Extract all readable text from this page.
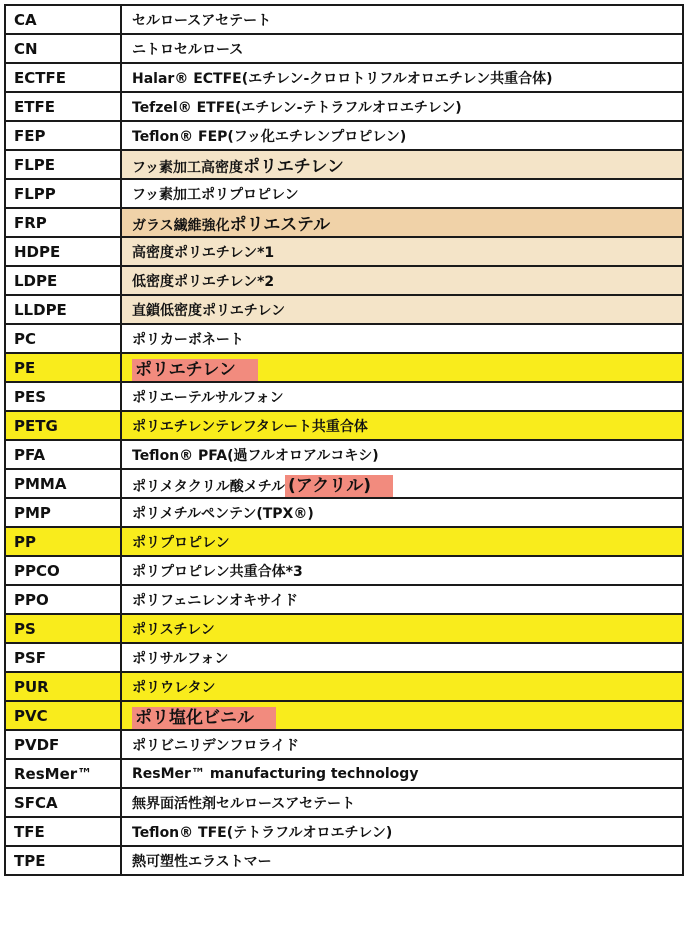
CA	セルロースアセテート
CN	ニトロセルロース
ECTFE	Halar® ECTFE(エチレン-クロロトリフルオロエチレン共重合体)
ETFE	Tefzel® ETFE(エチレン-テトラフルオロエチレン)
FEP	Teflon® FEP(フッ化エチレンプロピレン)
FLPE	フッ素加工高密度ポリエチレン
FLPP	フッ素加工ポリプロピレン
FRP	ガラス繊維強化ポリエステル
HDPE	高密度ポリエチレン*1
LDPE	低密度ポリエチレン*2
LLDPE	直鎖低密度ポリエチレン
PC	ポリカーボネート
PE	ポリエチレン
PES	ポリエーテルサルフォン
PETG	ポリエチレンテレフタレート共重合体
PFA	Teflon® PFA(過フルオロアルコキシ)
PMMA	ポリメタクリル酸メチル (アクリル)
PMP	ポリメチルペンテン(TPX®)
PP	ポリプロピレン
PPCO	ポリプロピレン共重合体*3
PPO	ポリフェニレンオキサイド
PS	ポリスチレン
PSF	ポリサルフォン
PUR	ポリウレタン
PVC	ポリ塩化ビニル
PVDF	ポリビニリデンフロライド
ResMer™	ResMer™ manufacturing technology
SFCA	無界面活性剤セルロースアセテート
TFE	Teflon® TFE(テトラフルオロエチレン)
TPE	熱可塑性エラストマー
